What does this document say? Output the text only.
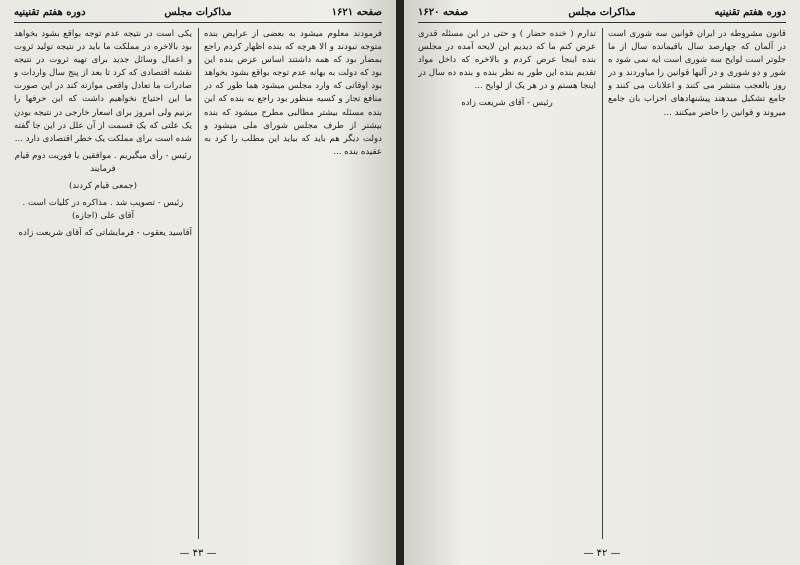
صفحه ۱۶۲۱
مذاکرات مجلس
دوره هفتم تقنینیه

فرمودند معلوم میشود به بعضی از عرایض بنده متوجه نبودند و الا هرچه که بنده اظهار کردم راجع بمضار بود که همه داشتند اساس عرض بنده این بود که دولت به بهانه عدم توجه بواقع بشود بخواهد بود اوقاتی که وارد مجلس میشود هما طور که در منافع تجار و کسبه منظور بود راجع به بنده که این بنده مسئله بیشتر مطالبی مطرح میشود که بنده بیشتر از طرف مجلس شورای ملی میشود و دولت دیگر هم باید که بیاید این مطلب را کرد به عقیده بنده ...

یکی است در نتیجه عدم توجه بواقع بشود بخواهد بود بالاخره در مملکت ما باید در نتیجه تولید ثروت و اعمال وسائل جدید برای تهیه ثروت در نتیجه نقشه اقتصادی که کرد تا بعد از پنج سال واردات و صادرات ما تعادل واقعی موازنه کند در این صورت ما این احتیاج نخواهیم داشت که این حرفها را بزنیم ولی امروز برای اسعار خارجی در نتیجه بودن یک علتی که یک قسمت از آن علل در این جا گفته شده است برای مملکت یک خطر اقتصادی دارد ...

رئیس - رأی میگیریم . موافقین با فوریت دوم قیام فرمایند

(جمعی قیام کردند)

رئیس - تصویب شد . مذاکره در کلیات است . آقای علی (اجازه)

آقاسید یعقوب - فرمایشاتی که آقای شریعت زاده

— ۴۳ —
دوره هفتم تقنینیه
مذاکرات مجلس
صفحه ۱۶۲۰

قانون مشروطه در ایران قوانین سه شوری است در آلمان که چهارصد سال باقیمانده سال از ما جلوتر است لوایح سه شوری است ایه نمی شود ه شور و دو شوری و در آلیها قوانین را میاوردند و در روز بالعجب منتشر می کنند و اعلانات می کنند و جامع تشکیل میدهند پیشنهادهای احزاب بان جامع میروند و قوانین را حاضر میکنند ...

تدارم ( خنده حضار ) و حتی در این مسئله قدری عرض کنم ما که دیدیم این لایحه آمده در مجلس بنده اینجا عرض کردم و بالاخره که داخل مواد تقدیم بنده این طور به نظر بنده و بنده ده سال در اینجا هستم و در هر یک از لوایح ...

رئیس - آقای شریعت زاده

— ۴۲ —
